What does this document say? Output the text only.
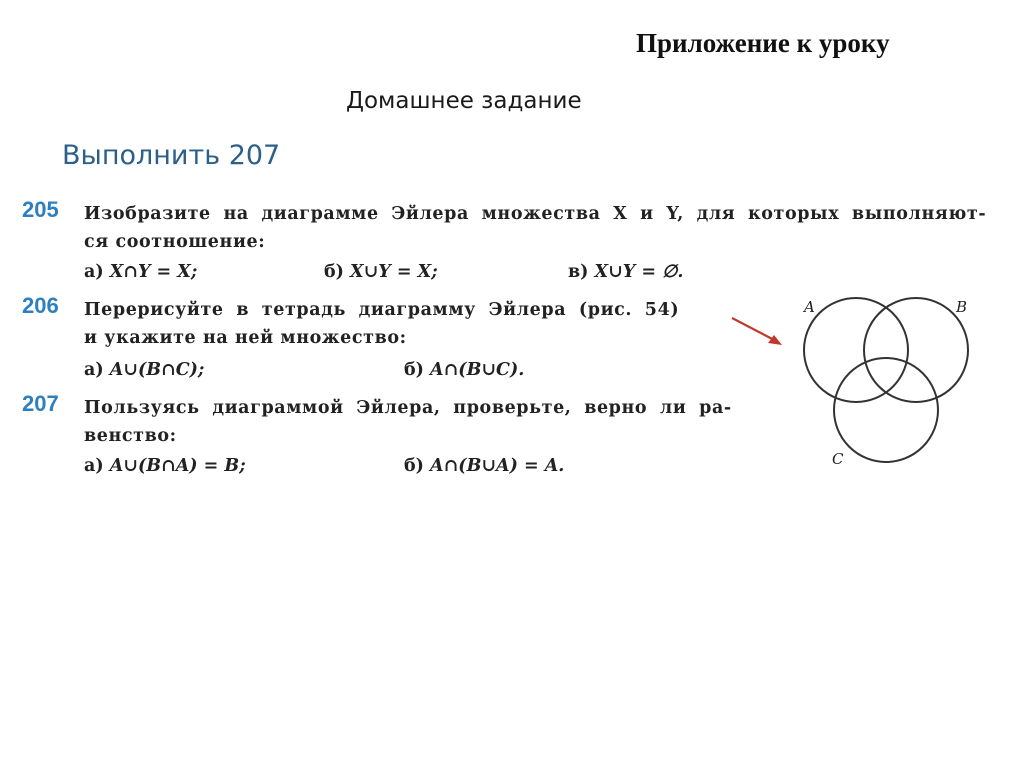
Приложение к уроку
Домашнее задание
Выполнить 207
205 Изобразите на диаграмме Эйлера множества X и Y, для которых выполняют-
ся соотношение:
а) X∩Y = X;	б) X∪Y = X;	в) X∪Y = ∅.
206 Перерисуйте в тетрадь диаграмму Эйлера (рис. 54)
и укажите на ней множество:
а) A∪(B∩C);	б) A∩(B∪C).
207 Пользуясь диаграммой Эйлера, проверьте, верно ли ра-
венство:
а) A∪(B∩A) = B;	б) A∩(B∪A) = A.
A	B
C
